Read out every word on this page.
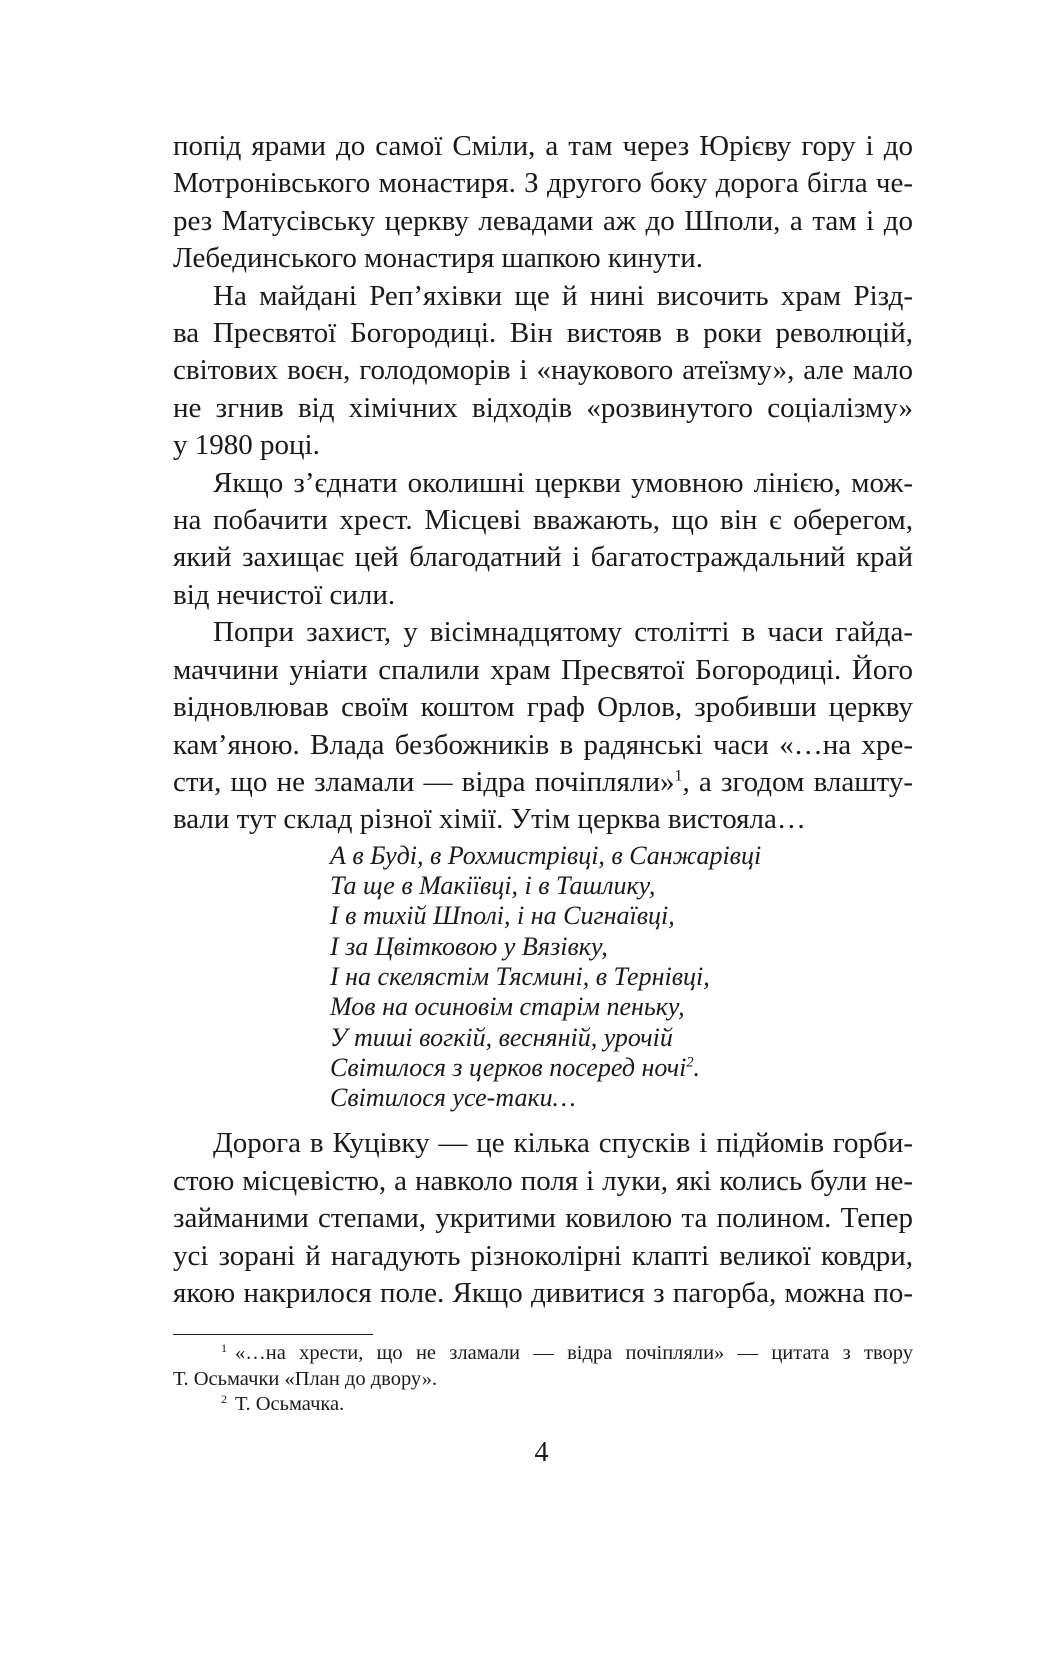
попід ярами до самої Сміли, а там через Юрієву гору і до
Мотронівського монастиря. З другого боку дорога бігла че-
рез Матусівську церкву левадами аж до Шполи, а там і до
Лебединського монастиря шапкою кинути.
На майдані Реп’яхівки ще й нині височить храм Різд-
ва Пресвятої Богородиці. Він вистояв в роки революцій,
світових воєн, голодоморів і «наукового атеїзму», але мало
не згнив від хімічних відходів «розвинутого соціалізму»
у 1980 році.
Якщо з’єднати околишні церкви умовною лінією, мож-
на побачити хрест. Місцеві вважають, що він є оберегом,
який захищає цей благодатний і багатостраждальний край
від нечистої сили.
Попри захист, у вісімнадцятому столітті в часи гайда-
маччини уніати спалили храм Пресвятої Богородиці. Його
відновлював своїм коштом граф Орлов, зробивши церкву
кам’яною. Влада безбожників в радянські часи «…на хре-
сти, що не зламали — відра почіпляли»$^1$, а згодом влашту-
вали тут склад різної хімії. Утім церква вистояла…
А в Буді, в Рохмистрівці, в Санжарівці
Та ще в Макіївці, і в Ташлику,
І в тихій Шполі, і на Сигнаївці,
І за Цвітковою у Вязівку,
І на скелястім Тясмині, в Тернівці,
Мов на осиновім старім пеньку,
У тиші вогкій, весняній, урочій
Світилося з церков посеред ночі$^2$.
Світилося усе-таки…
Дорога в Куцівку — це кілька спусків і підйомів горби-
стою місцевістю, а навколо поля і луки, які колись були не-
займаними степами, укритими ковилою та полином. Тепер
усі зорані й нагадують різноколірні клапті великої ковдри,
якою накрилося поле. Якщо дивитися з пагорба, можна по-
$^1$ «…на хрести, що не зламали — відра почіпляли» — цитата з твору
Т. Осьмачки «План до двору».
$^2$ Т. Осьмачка.
4
